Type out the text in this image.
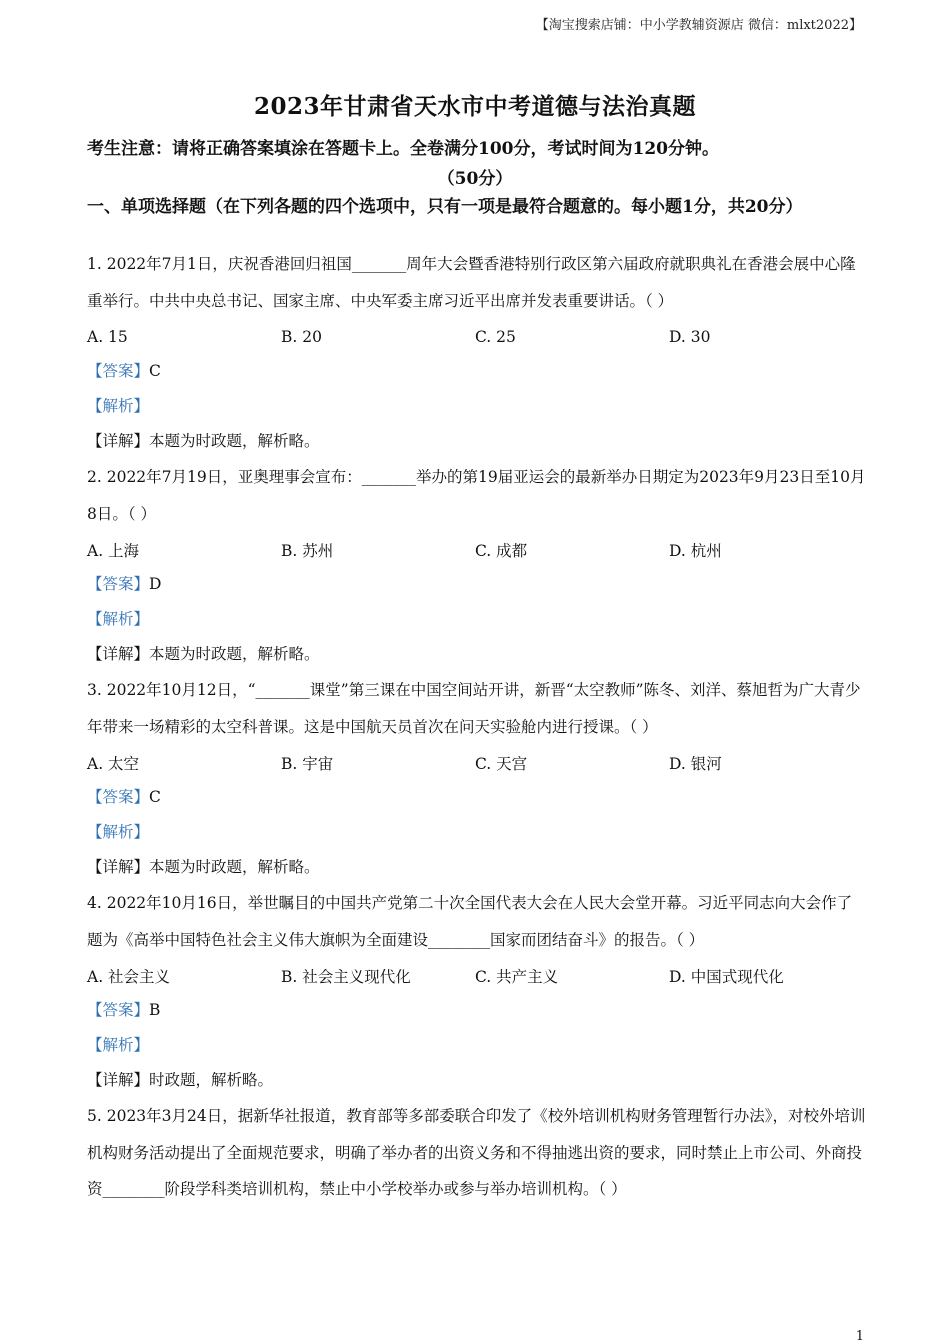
【淘宝搜索店铺：中小学教辅资源店 微信：mlxt2022】
2023年甘肃省天水市中考道德与法治真题
考生注意：请将正确答案填涂在答题卡上。全卷满分100分，考试时间为120分钟。
（50分）
一、单项选择题（在下列各题的四个选项中，只有一项是最符合题意的。每小题1分，共20分）

1. 2022年7月1日，庆祝香港回归祖国_______周年大会暨香港特别行政区第六届政府就职典礼在香港会展中心隆重举行。中共中央总书记、国家主席、中央军委主席习近平出席并发表重要讲话。（ ）

A. 15	B. 20	C. 25	D. 30

【答案】C

【解析】

【详解】本题为时政题，解析略。

2. 2022年7月19日，亚奥理事会宣布：_______举办的第19届亚运会的最新举办日期定为2023年9月23日至10月8日。（ ）

A. 上海	B. 苏州	C. 成都	D. 杭州

【答案】D

【解析】

【详解】本题为时政题，解析略。

3. 2022年10月12日，“_______课堂”第三课在中国空间站开讲，新晋“太空教师”陈冬、刘洋、蔡旭哲为广大青少年带来一场精彩的太空科普课。这是中国航天员首次在问天实验舱内进行授课。（ ）

A. 太空	B. 宇宙	C. 天宫	D. 银河

【答案】C

【解析】

【详解】本题为时政题，解析略。

4. 2022年10月16日，举世瞩目的中国共产党第二十次全国代表大会在人民大会堂开幕。习近平同志向大会作了题为《高举中国特色社会主义伟大旗帜为全面建设________国家而团结奋斗》的报告。（ ）

A. 社会主义	B. 社会主义现代化	C. 共产主义	D. 中国式现代化

【答案】B

【解析】

【详解】时政题，解析略。

5. 2023年3月24日，据新华社报道，教育部等多部委联合印发了《校外培训机构财务管理暂行办法》，对校外培训机构财务活动提出了全面规范要求，明确了举办者的出资义务和不得抽逃出资的要求，同时禁止上市公司、外商投资________阶段学科类培训机构，禁止中小学校举办或参与举办培训机构。（ ）

1
